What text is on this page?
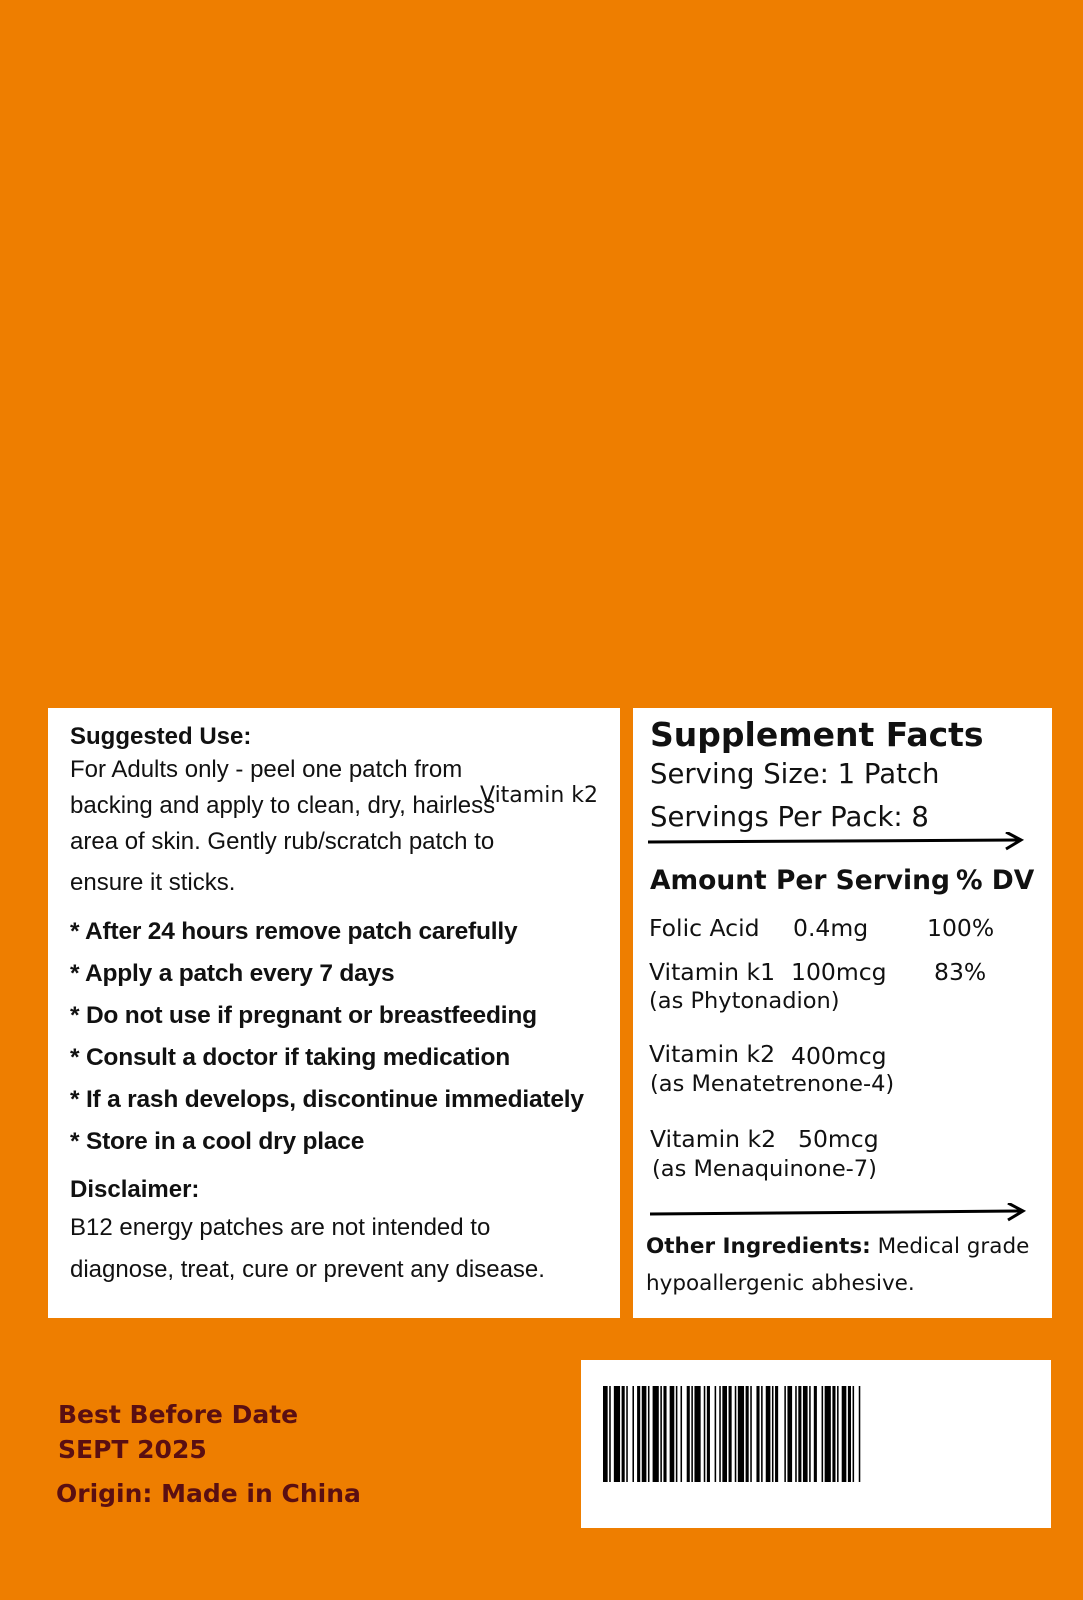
Suggested Use:
For Adults only - peel one patch from
backing and apply to clean, dry, hairless
area of skin. Gently rub/scratch patch to
ensure it sticks.
Vitamin k2
* After 24 hours remove patch carefully
* Apply a patch every 7 days
* Do not use if pregnant or breastfeeding
* Consult a doctor if taking medication
* If a rash develops, discontinue immediately
* Store in a cool dry place
Disclaimer:
B12 energy patches are not intended to
diagnose, treat, cure or prevent any disease.
Supplement Facts
Serving Size: 1 Patch
Servings Per Pack: 8
Amount Per Serving % DV
Folic Acid 0.4mg	100%
Vitamin k1 100mcg 83%
(as Phytonadion)
Vitamin k2 400mcg
(as Menatetrenone-4)
Vitamin k2 50mcg
(as Menaquinone-7)
Other Ingredients: Medical grade
hypoallergenic abhesive.
Best Before Date
SEPT 2025
Origin: Made in China
